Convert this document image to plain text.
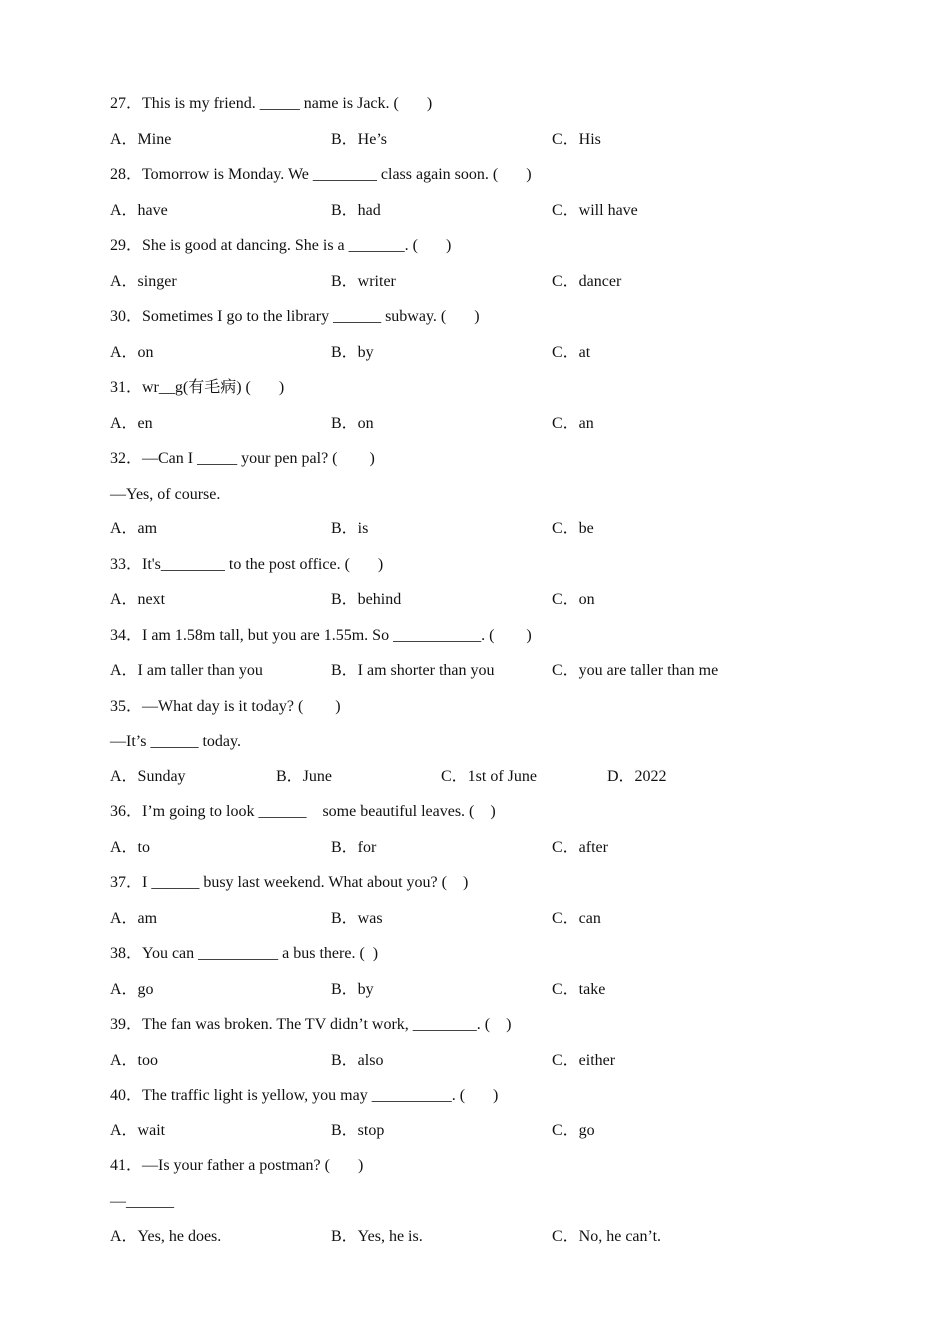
27．This is my friend. _____ name is Jack. (       )
A．Mine	B．He’s	C．His
28．Tomorrow is Monday. We ________ class again soon. (       )
A．have	B．had	C．will have
29．She is good at dancing. She is a _______. (       )
A．singer	B．writer	C．dancer
30．Sometimes I go to the library ______ subway. (       )
A．on	B．by	C．at
31．wr__g(有毛病) (       )
A．en	B．on	C．an
32．—Can I _____ your pen pal? (        )
—Yes, of course.
A．am	B．is	C．be
33．It's________ to the post office. (       )
A．next	B．behind	C．on
34．I am 1.58m tall, but you are 1.55m. So ___________. (        )
A．I am taller than you	B．I am shorter than you	C．you are taller than me
35．—What day is it today? (        )
—It’s ______ today.
A．Sunday	B．June	C．1st of June	D．2022
36．I’m going to look ______    some beautiful leaves. (    )
A．to	B．for	C．after
37．I ______ busy last weekend. What about you? (    )
A．am	B．was	C．can
38．You can __________ a bus there. (  )
A．go	B．by	C．take
39．The fan was broken. The TV didn’t work, ________. (    )
A．too	B．also	C．either
40．The traffic light is yellow, you may __________. (       )
A．wait	B．stop	C．go
41．—Is your father a postman? (       )
—______
A．Yes, he does.	B．Yes, he is.	C．No, he can’t.
